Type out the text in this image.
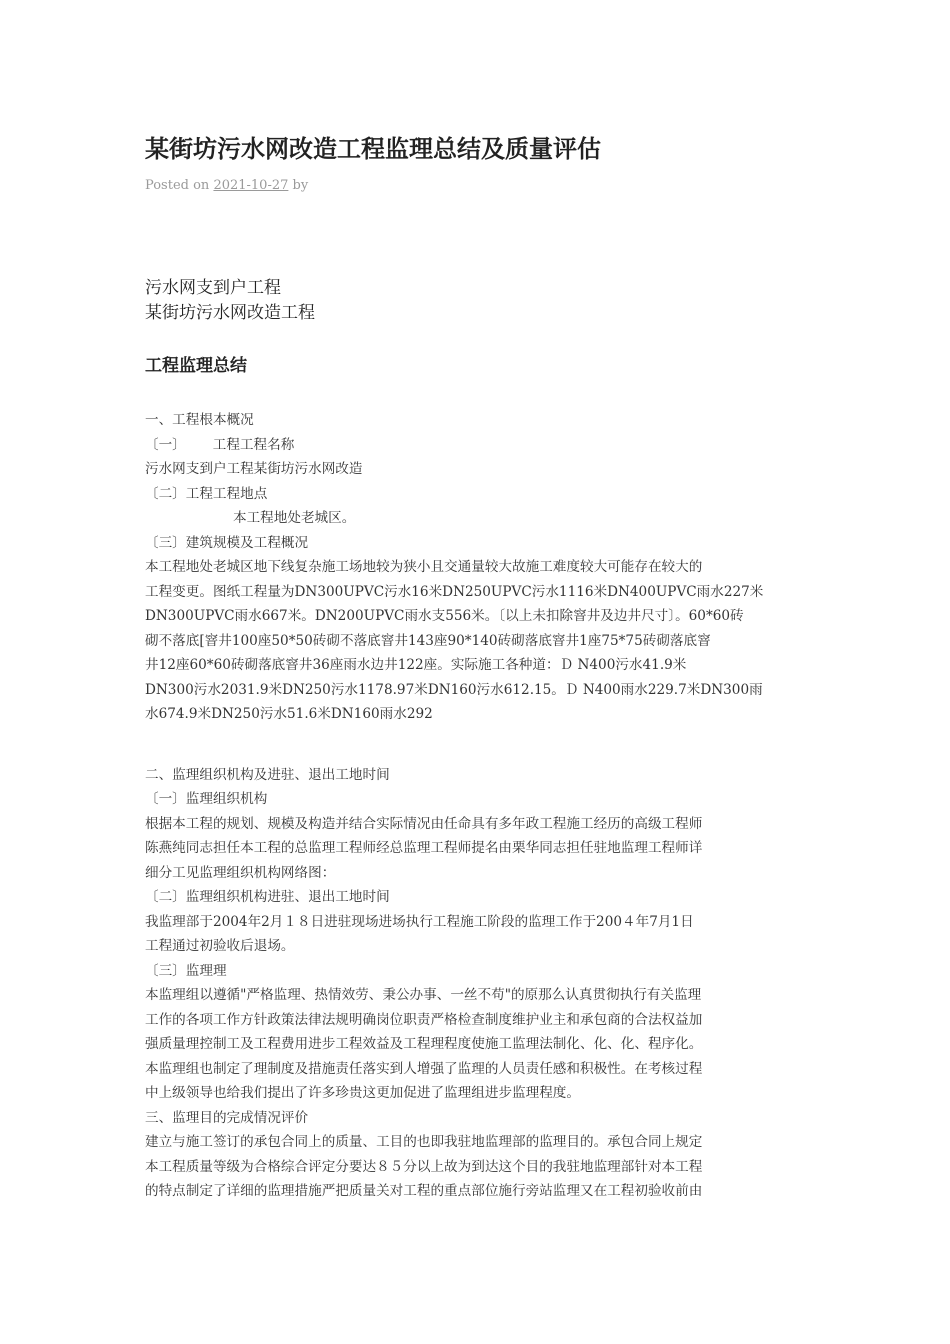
某街坊污水网改造工程监理总结及质量评估
Posted on 2021-10-27 by
污水网支到户工程
某街坊污水网改造工程
工程监理总结

一、工程根本概况

〔一〕 工程工程名称

污水网支到户工程某街坊污水网改造

〔二〕工程工程地点

本工程地处老城区。

〔三〕建筑规模及工程概况

本工程地处老城区地下线复杂施工场地较为狭小且交通量较大故施工难度较大可能存在较大的

工程变更。图纸工程量为DN300UPVC污水16米DN250UPVC污水1116米DN400UPVC雨水227米

DN300UPVC雨水667米。DN200UPVC雨水支556米。〔以上未扣除窨井及边井尺寸〕。60*60砖

砌不落底[窨井100座50*50砖砌不落底窨井143座90*140砖砌落底窨井1座75*75砖砌落底窨

井12座60*60砖砌落底窨井36座雨水边井122座。实际施工各种道：Ｄ N400污水41.9米

DN300污水2031.9米DN250污水1178.97米DN160污水612.15。Ｄ N400雨水229.7米DN300雨

水674.9米DN250污水51.6米DN160雨水292

二、监理组织机构及进驻、退出工地时间

〔一〕监理组织机构

根据本工程的规划、规模及构造并结合实际情况由任命具有多年政工程施工经历的高级工程师

陈燕纯同志担任本工程的总监理工程师经总监理工程师提名由栗华同志担任驻地监理工程师详

细分工见监理组织机构网络图：

〔二〕监理组织机构进驻、退出工地时间

我监理部于2004年2月１８日进驻现场进场执行工程施工阶段的监理工作于200４年7月1日

工程通过初验收后退场。

〔三〕监理理

本监理组以遵循"严格监理、热情效劳、秉公办事、一丝不苟"的原那么认真贯彻执行有关监理

工作的各项工作方针政策法律法规明确岗位职责严格检查制度维护业主和承包商的合法权益加

强质量理控制工及工程费用进步工程效益及工程理程度使施工监理法制化、化、化、程序化。

本监理组也制定了理制度及措施责任落实到人增强了监理的人员责任感和积极性。在考核过程

中上级领导也给我们提出了许多珍贵这更加促进了监理组进步监理程度。

三、监理目的完成情况评价

建立与施工签订的承包合同上的质量、工目的也即我驻地监理部的监理目的。承包合同上规定

本工程质量等级为合格综合评定分要达８５分以上故为到达这个目的我驻地监理部针对本工程

的特点制定了详细的监理措施严把质量关对工程的重点部位施行旁站监理又在工程初验收前由
